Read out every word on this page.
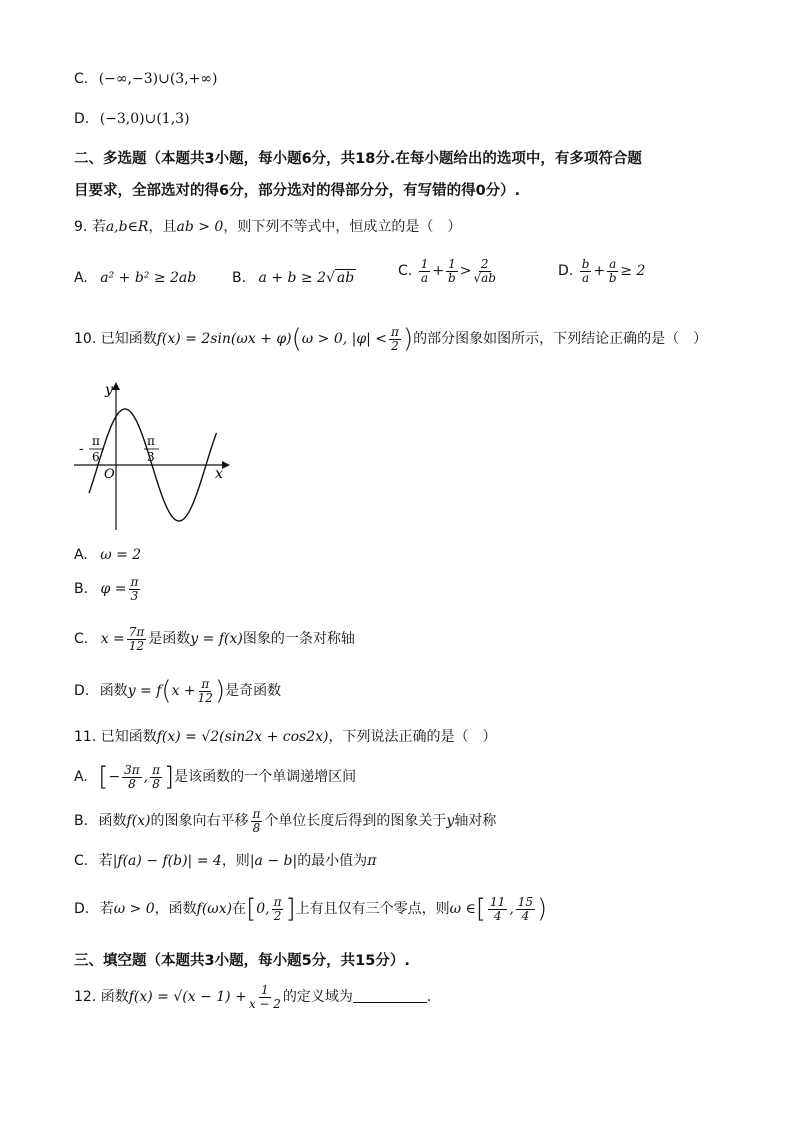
C. (−∞,−3)∪(3,+∞)
D. (−3,0)∪(1,3)
二、多选题（本题共3小题，每小题6分，共18分.在每小题给出的选项中，有多项符合题
目要求，全部选对的得6分，部分选对的得部分分，有写错的得0分）.
9. 若a,b∈R，且ab > 0，则下列不等式中，恒成立的是（　）
A. a² + b² ≥ 2ab	B. a + b ≥ 2√ ab	C. $\frac{1}{a} + \frac{1}{b} > \frac{2}{√ab}$	D. $\frac{b}{a} + \frac{a}{b} \ge 2$
10. 已知函数f(x) = 2sin(ωx + φ)(ω > 0, $|\varphi| < \frac{\pi}{2}$ )的部分图象如图所示，下列结论正确的是（　）
y
x
O
- π
6
π
3
A. ω = 2
B. $\varphi = \frac{\pi}{3}$
C. $x = \frac{7\pi}{12}$ 是函数y = f(x)图象的一条对称轴
D. 函数$y = f(x + \frac{\pi}{12}$ )是奇函数
11. 已知函数f(x) = √2(sin2x + cos2x)，下列说法正确的是（　）
A. [− $\frac{3\pi}{8}$ , $\frac{\pi}{8}$ ]是该函数的一个单调递增区间
B. 函数f(x)的图象向右平移 $\frac{\pi}{8}$ 个单位长度后得到的图象关于y轴对称
C. 若|f(a) − f(b)| = 4，则|a − b|的最小值为π
D. 若ω > 0，函数f(ωx)在[0, $\frac{\pi}{2}$ ]上有且仅有三个零点，则ω ∈[ $\frac{11}{4}$ , $\frac{15}{4}$ )
三、填空题（本题共3小题，每小题5分，共15分）.
12. 函数$f(x) = √(x - 1) + \frac{1}{x - 2}$ 的定义域为	.
